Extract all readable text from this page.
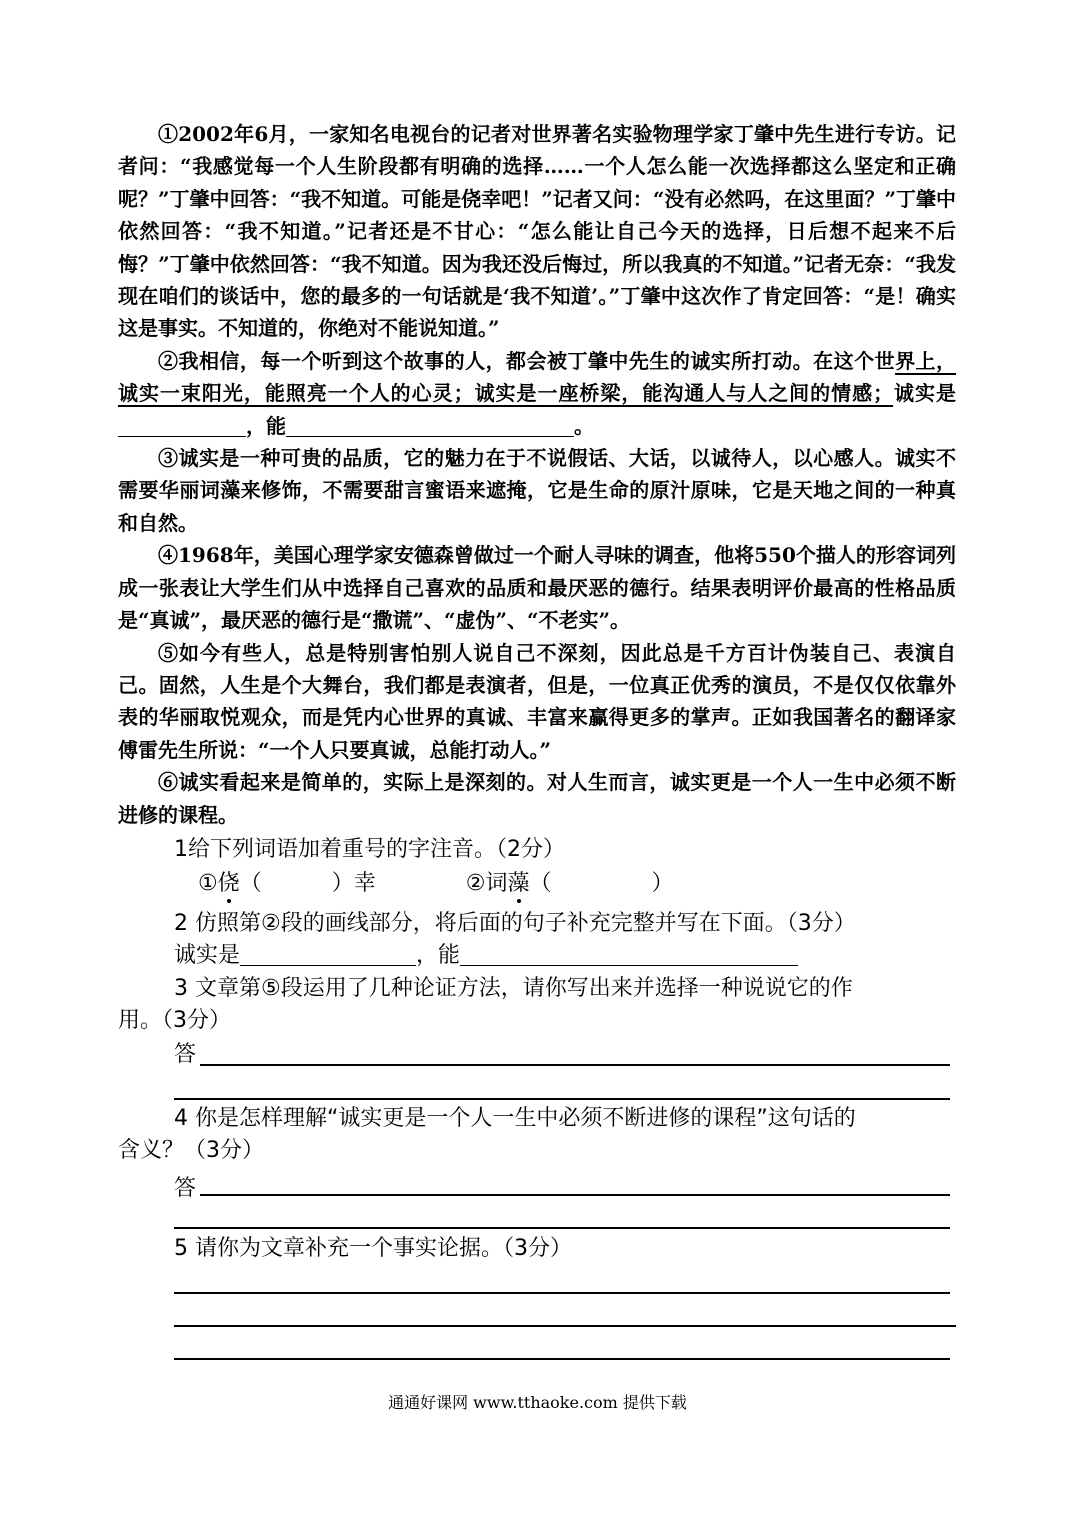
①2002年6月，一家知名电视台的记者对世界著名实验物理学家丁肇中先生进行专访。记者问：“我感觉每一个人生阶段都有明确的选择……一个人怎么能一次选择都这么坚定和正确呢？”丁肇中回答：“我不知道。可能是侥幸吧！”记者又问：“没有必然吗，在这里面？”丁肇中依然回答：“我不知道。”记者还是不甘心：“怎么能让自己今天的选择，日后想不起来不后悔？”丁肇中依然回答：“我不知道。因为我还没后悔过，所以我真的不知道。”记者无奈：“我发现在咱们的谈话中，您的最多的一句话就是‘我不知道’。”丁肇中这次作了肯定回答：“是！确实这是事实。不知道的，你绝对不能说知道。”

②我相信，每一个听到这个故事的人，都会被丁肇中先生的诚实所打动。在这个世界上，诚实一束阳光，能照亮一个人的心灵；诚实是一座桥梁，能沟通人与人之间的情感；诚实是，能	。

③诚实是一种可贵的品质，它的魅力在于不说假话、大话，以诚待人，以心感人。诚实不需要华丽词藻来修饰，不需要甜言蜜语来遮掩，它是生命的原汁原味，它是天地之间的一种真和自然。

④1968年，美国心理学家安德森曾做过一个耐人寻味的调查，他将550个描人的形容词列成一张表让大学生们从中选择自己喜欢的品质和最厌恶的德行。结果表明评价最高的性格品质是“真诚”，最厌恶的德行是“撒谎”、“虚伪”、“不老实”。

⑤如今有些人，总是特别害怕别人说自己不深刻，因此总是千方百计伪装自己、表演自己。固然，人生是个大舞台，我们都是表演者，但是，一位真正优秀的演员，不是仅仅依靠外表的华丽取悦观众，而是凭内心世界的真诚、丰富来赢得更多的掌声。正如我国著名的翻译家傅雷先生所说：“一个人只要真诚，总能打动人。”

⑥诚实看起来是简单的，实际上是深刻的。对人生而言，诚实更是一个人一生中必须不断进修的课程。

1给下列词语加着重号的字注音。（2分）
①侥（	）幸	②词藻（	）
2 仿照第②段的画线部分，将后面的句子补充完整并写在下面。（3分）
诚实是	，能
3 文章第⑤段运用了几种论证方法，请你写出来并选择一种说说它的作
用。（3分）
答
4 你是怎样理解“诚实更是一个人一生中必须不断进修的课程”这句话的
含义？（3分）
答
5 请你为文章补充一个事实论据。（3分）
通通好课网 www.tthaoke.com 提供下载
